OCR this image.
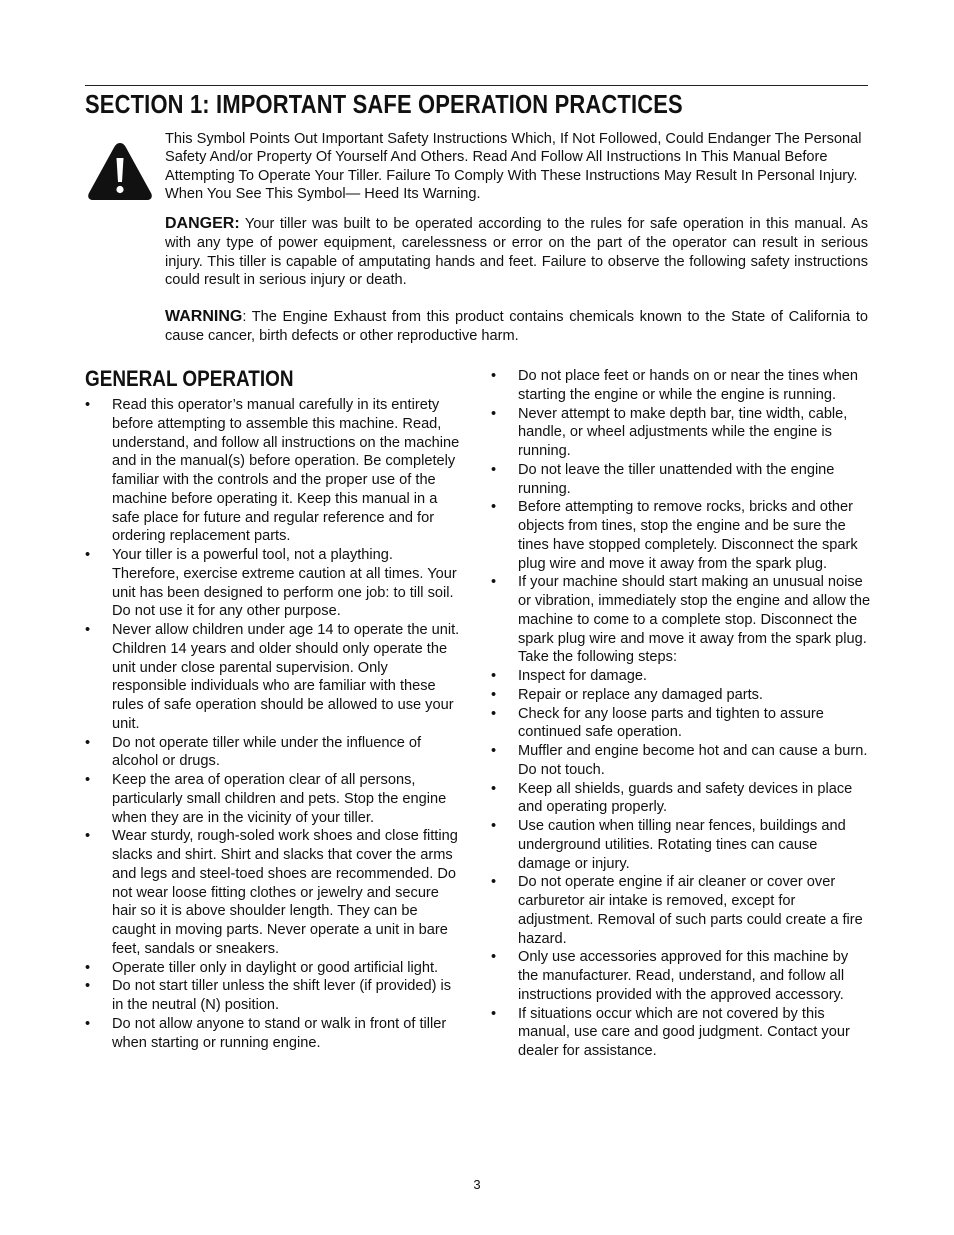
SECTION 1: IMPORTANT SAFE OPERATION PRACTICES

This Symbol Points Out Important Safety Instructions Which, If Not Followed, Could Endanger The Personal Safety And/or Property Of Yourself And Others. Read And Follow All Instructions In This Manual Before Attempting To Operate Your Tiller. Failure To Comply With These Instructions May Result In Personal Injury. When You See This Symbol— Heed Its Warning.

DANGER: Your tiller was built to be operated according to the rules for safe operation in this manual. As with any type of power equipment, carelessness or error on the part of the operator can result in serious injury. This tiller is capable of amputating hands and feet. Failure to observe the following safety instructions could result in serious injury or death.

WARNING: The Engine Exhaust from this product contains chemicals known to the State of California to cause cancer, birth defects or other reproductive harm.

GENERAL OPERATION
• Read this operator’s manual carefully in its entirety before attempting to assemble this machine. Read, understand, and follow all instructions on the machine and in the manual(s) before operation. Be completely familiar with the controls and the proper use of the machine before operating it. Keep this manual in a safe place for future and regular reference and for ordering replacement parts.
• Your tiller is a powerful tool, not a plaything. Therefore, exercise extreme caution at all times. Your unit has been designed to perform one job: to till soil. Do not use it for any other purpose.
• Never allow children under age 14 to operate the unit. Children 14 years and older should only operate the unit under close parental supervision. Only responsible individuals who are familiar with these rules of safe operation should be allowed to use your unit.
• Do not operate tiller while under the influence of alcohol or drugs.
• Keep the area of operation clear of all persons, particularly small children and pets. Stop the engine when they are in the vicinity of your tiller.
• Wear sturdy, rough-soled work shoes and close fitting slacks and shirt. Shirt and slacks that cover the arms and legs and steel-toed shoes are recommended. Do not wear loose fitting clothes or jewelry and secure hair so it is above shoulder length. They can be caught in moving parts. Never operate a unit in bare feet, sandals or sneakers.
• Operate tiller only in daylight or good artificial light.
• Do not start tiller unless the shift lever (if provided) is in the neutral (N) position.
• Do not allow anyone to stand or walk in front of tiller when starting or running engine.
• Do not place feet or hands on or near the tines when starting the engine or while the engine is running.
• Never attempt to make depth bar, tine width, cable, handle, or wheel adjustments while the engine is running.
• Do not leave the tiller unattended with the engine running.
• Before attempting to remove rocks, bricks and other objects from tines, stop the engine and be sure the tines have stopped completely. Disconnect the spark plug wire and move it away from the spark plug.
• If your machine should start making an unusual noise or vibration, immediately stop the engine and allow the machine to come to a complete stop. Disconnect the spark plug wire and move it away from the spark plug. Take the following steps:
• Inspect for damage.
• Repair or replace any damaged parts.
• Check for any loose parts and tighten to assure continued safe operation.
• Muffler and engine become hot and can cause a burn. Do not touch.
• Keep all shields, guards and safety devices in place and operating properly.
• Use caution when tilling near fences, buildings and underground utilities. Rotating tines can cause damage or injury.
• Do not operate engine if air cleaner or cover over carburetor air intake is removed, except for adjustment. Removal of such parts could create a fire hazard.
• Only use accessories approved for this machine by the manufacturer. Read, understand, and follow all instructions provided with the approved accessory.
• If situations occur which are not covered by this manual, use care and good judgment. Contact your dealer for assistance.
3
